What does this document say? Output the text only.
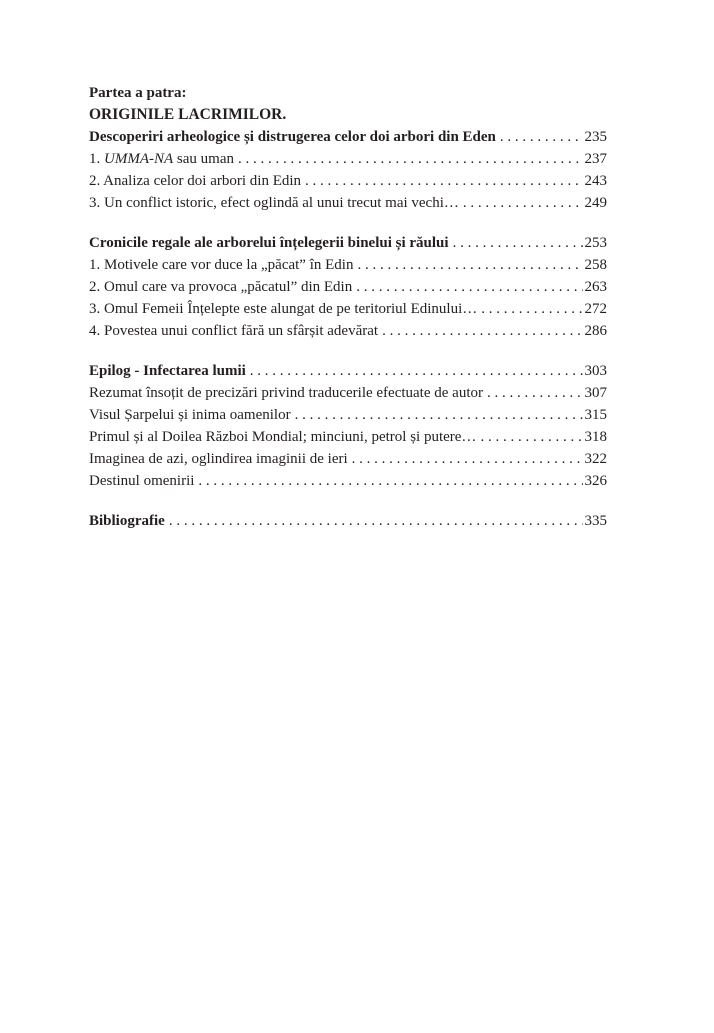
Partea a patra:
ORIGINILE LACRIMILOR.
Descoperiri arheologice și distrugerea celor doi arbori din Eden . . .	235
1. UMMA-NA sau uman . . .	237
2. Analiza celor doi arbori din Edin . . .	243
3. Un conflict istoric, efect oglindă al unui trecut mai vechi… . . .	249
Cronicile regale ale arborelui înțelegerii binelui și răului . . .	253
1. Motivele care vor duce la „păcat” în Edin . . .	258
2. Omul care va provoca „păcatul” din Edin . . .	263
3. Omul Femeii Înțelepte este alungat de pe teritoriul Edinului… . . .	272
4. Povestea unui conflict fără un sfârșit adevărat . . .	286
Epilog - Infectarea lumii . . .	303
Rezumat însoțit de precizări privind traducerile efectuate de autor . . .	307
Visul Șarpelui și inima oamenilor . . .	315
Primul și al Doilea Război Mondial; minciuni, petrol și putere… . . .	318
Imaginea de azi, oglindirea imaginii de ieri . . .	322
Destinul omenirii . . .	326
Bibliografie . . .	335
